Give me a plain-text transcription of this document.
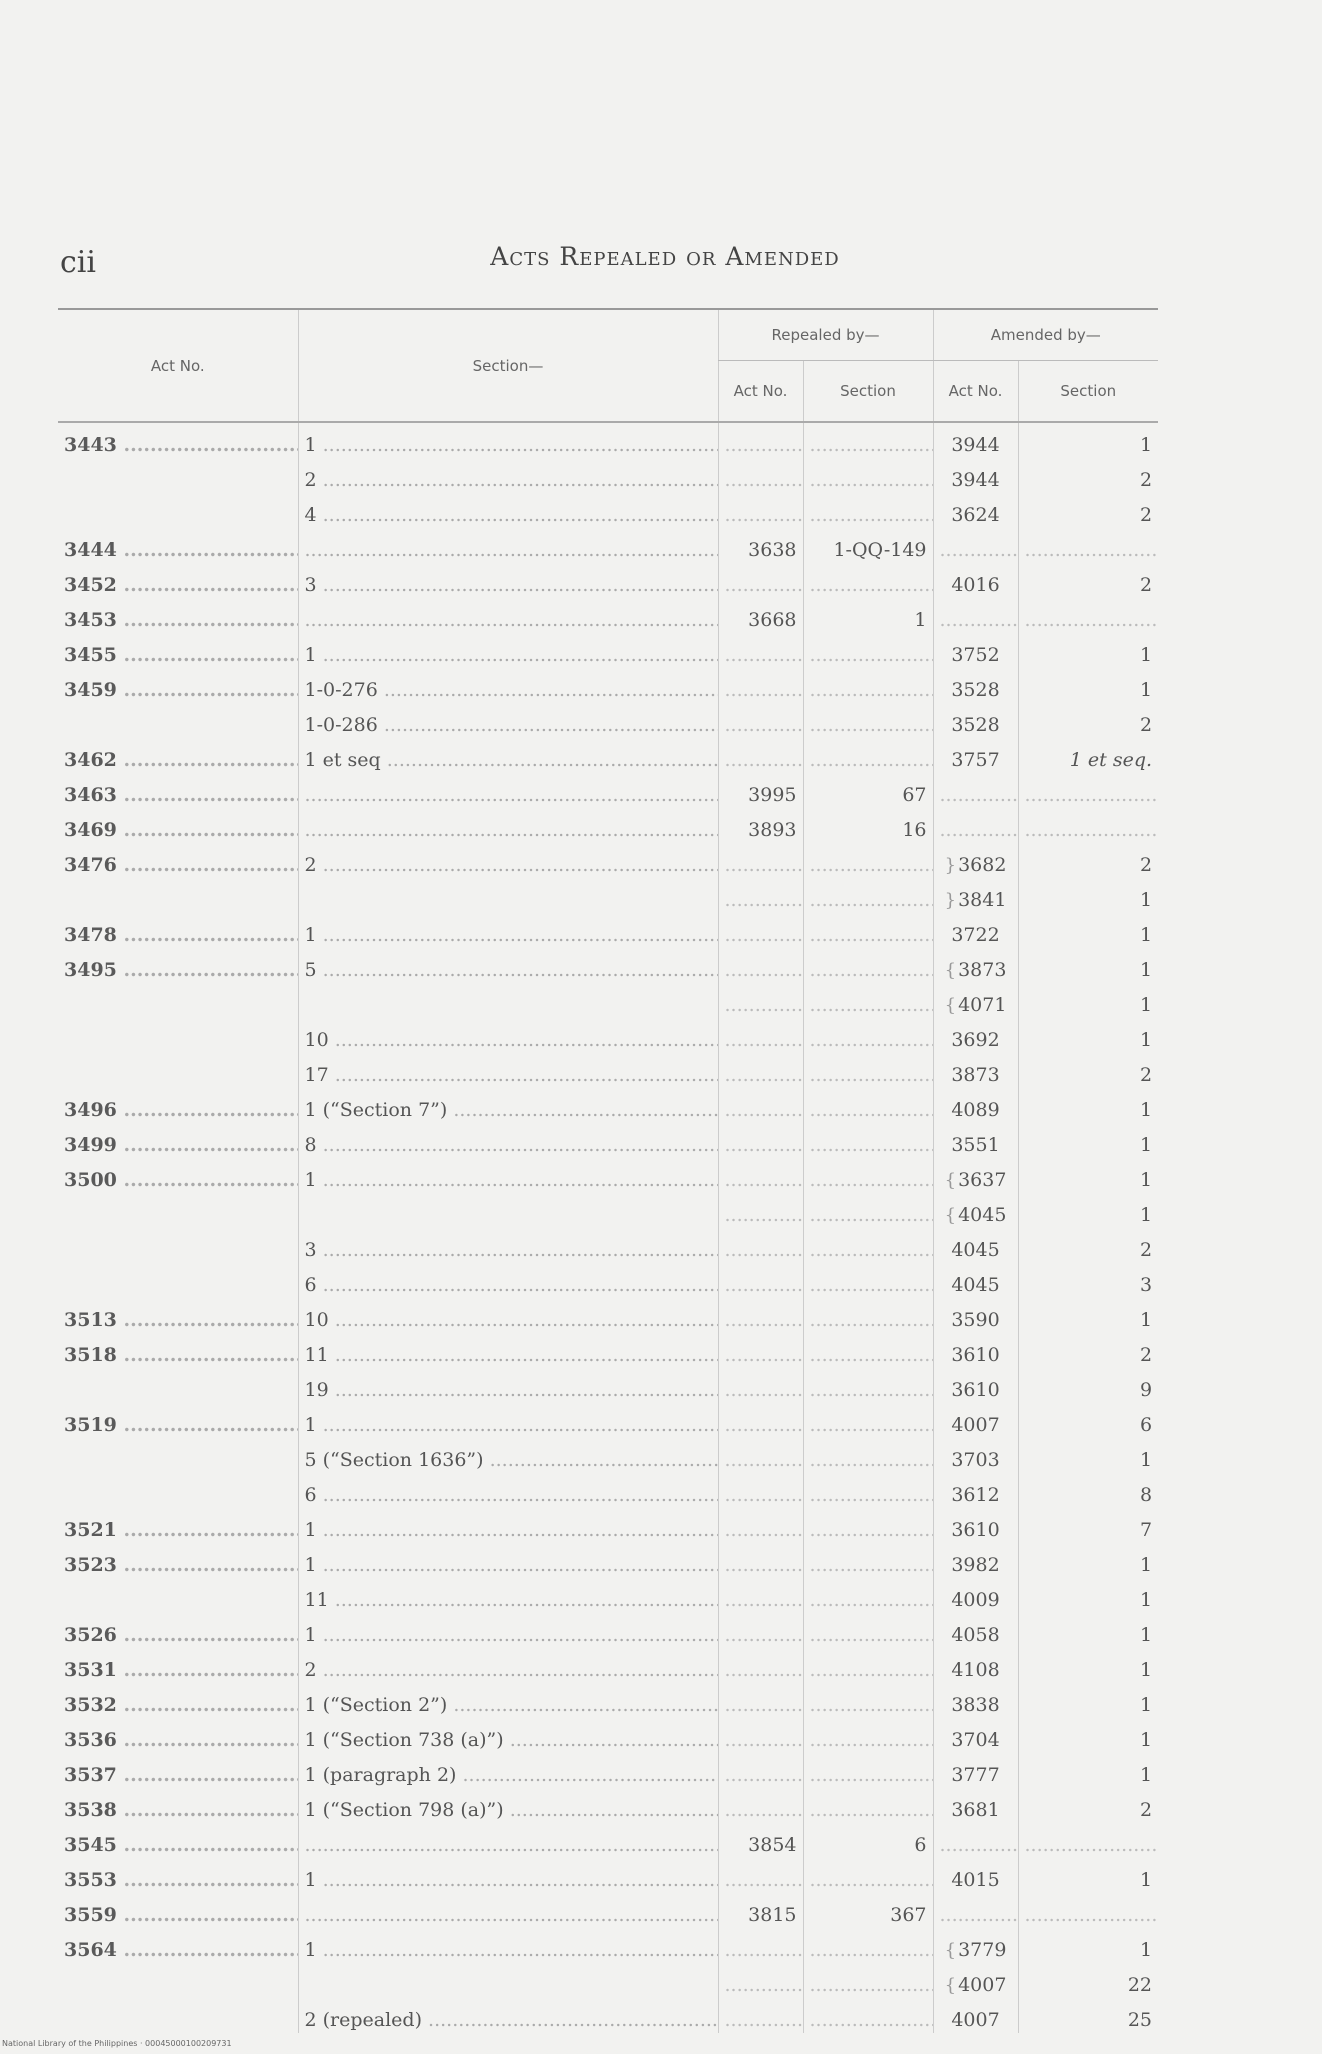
cii	Acts Repealed or Amended
Act No.	Section—	Repealed by—		Amended by—	
		Act No.	Section	Act No.	Section
3443 .....	1 .....	.....	.....	3944	1
	2 .....	.....	.....	3944	2
	4 .....	.....	.....	3624	2
3444 .....	.....	3638	1-QQ-149	.....	.....
3452 .....	3 .....	.....	.....	4016	2
3453 .....	.....	3668	1	.....	.....
3455 .....	1 .....	.....	.....	3752	1
3459 .....	1-0-276 .....	.....	.....	3528	1
	1-0-286 .....	.....	.....	3528	2
3462 .....	1 et seq .....	.....	.....	3757	1 et seq.
3463 .....	.....	3995	67	.....	.....
3469 .....	.....	3893	16	.....	.....
3476 .....	2 .....	.....	.....	} 3682	2
		.....	.....	} 3841	1
3478 .....	1 .....	.....	.....	3722	1
3495 .....	5 .....	.....	.....	{ 3873	1
		.....	.....	{ 4071	1
	10 .....	.....	.....	3692	1
	17 .....	.....	.....	3873	2
3496 .....	1 (“Section 7”) .....	.....	.....	4089	1
3499 .....	8 .....	.....	.....	3551	1
3500 .....	1 .....	.....	.....	{ 3637	1
		.....	.....	{ 4045	1
	3 .....	.....	.....	4045	2
	6 .....	.....	.....	4045	3
3513 .....	10 .....	.....	.....	3590	1
3518 .....	11 .....	.....	.....	3610	2
	19 .....	.....	.....	3610	9
3519 .....	1 .....	.....	.....	4007	6
	5 (“Section 1636”) .....	.....	.....	3703	1
	6 .....	.....	.....	3612	8
3521 .....	1 .....	.....	.....	3610	7
3523 .....	1 .....	.....	.....	3982	1
	11 .....	.....	.....	4009	1
3526 .....	1 .....	.....	.....	4058	1
3531 .....	2 .....	.....	.....	4108	1
3532 .....	1 (“Section 2”) .....	.....	.....	3838	1
3536 .....	1 (“Section 738 (a)”) .....	.....	.....	3704	1
3537 .....	1 (paragraph 2) .....	.....	.....	3777	1
3538 .....	1 (“Section 798 (a)”) .....	.....	.....	3681	2
3545 .....	.....	3854	6	.....	.....
3553 .....	1 .....	.....	.....	4015	1
3559 .....	.....	3815	367	.....	.....
3564 .....	1 .....	.....	.....	{ 3779	1
		.....	.....	{ 4007	22
	2 (repealed) .....	.....	.....	4007	25
National Library of the Philippines · 00045000100209731
